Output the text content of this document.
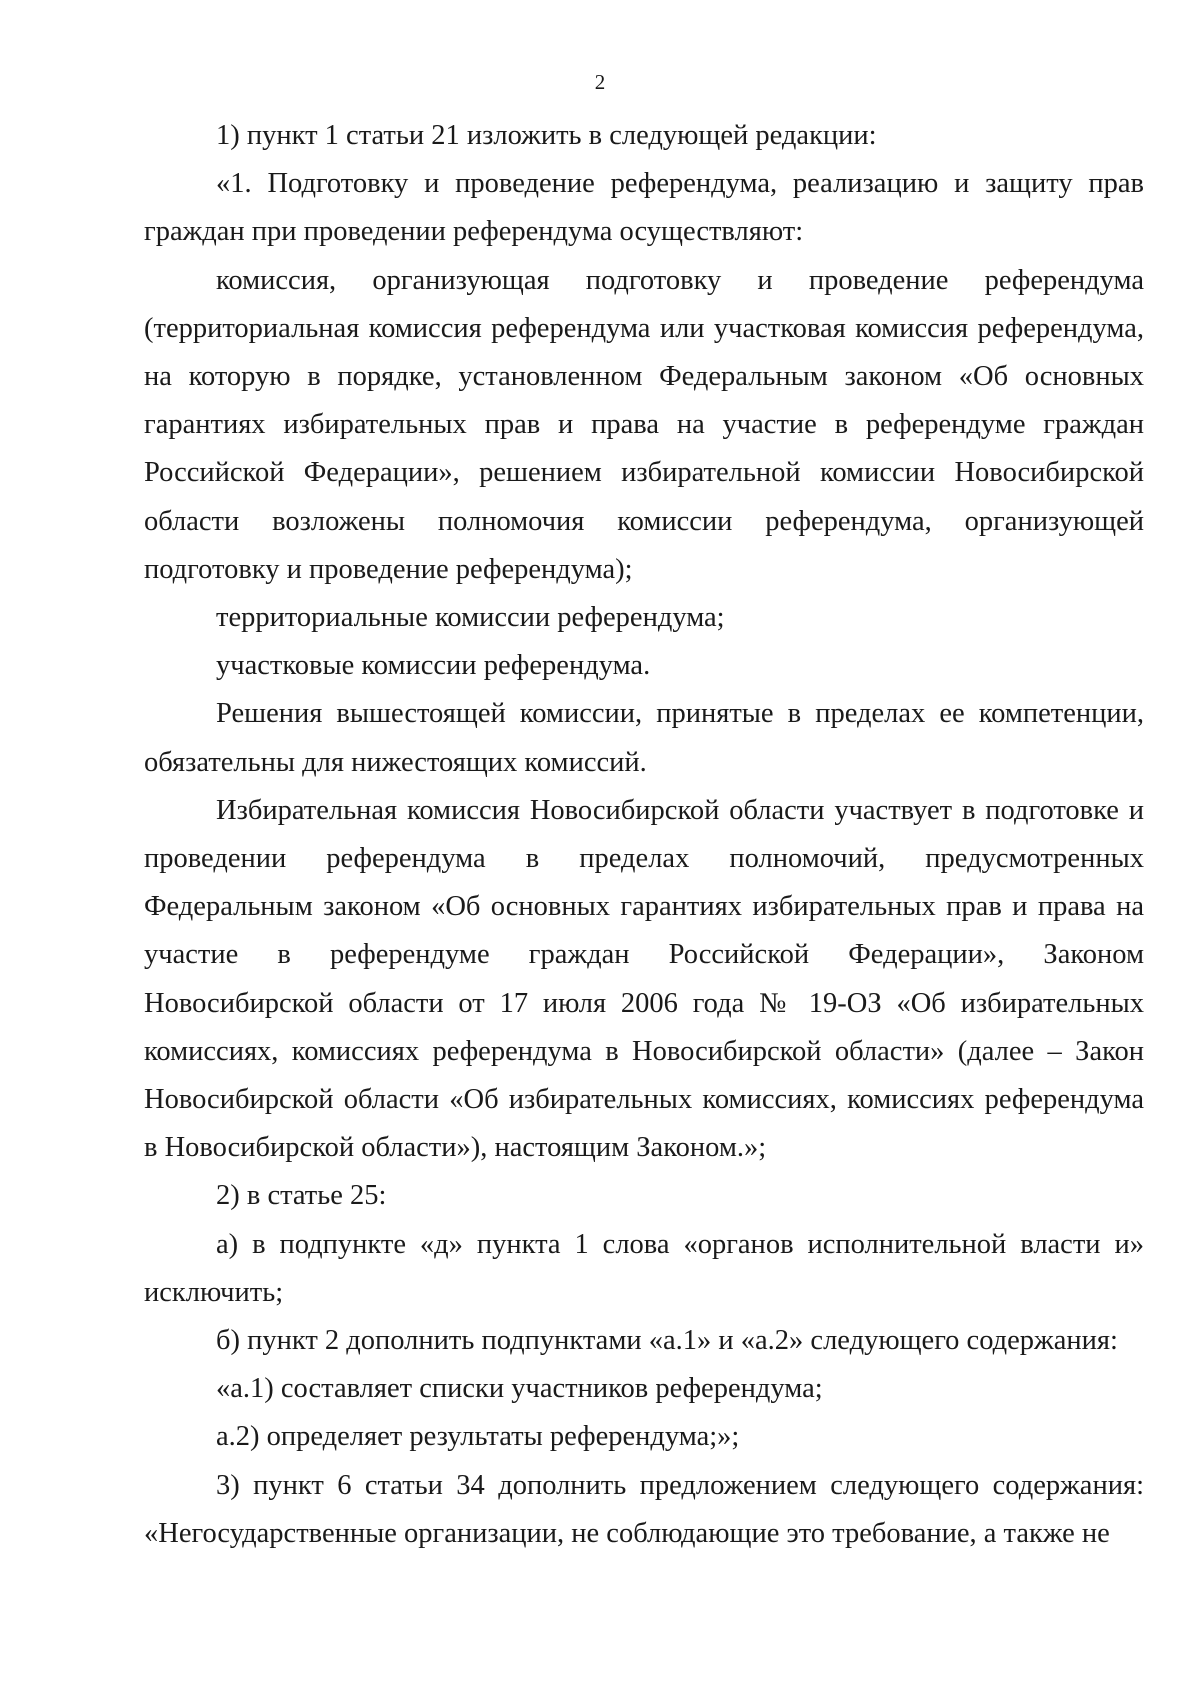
2

1) пункт 1 статьи 21 изложить в следующей редакции:

«1. Подготовку и проведение референдума, реализацию и защиту прав граждан при проведении референдума осуществляют:

комиссия, организующая подготовку и проведение референдума (территориальная комиссия референдума или участковая комиссия референдума, на которую в порядке, установленном Федеральным законом «Об основных гарантиях избирательных прав и права на участие в референдуме граждан Российской Федерации», решением избирательной комиссии Новосибирской области возложены полномочия комиссии референдума, организующей подготовку и проведение референдума);

территориальные комиссии референдума;

участковые комиссии референдума.

Решения вышестоящей комиссии, принятые в пределах ее компетенции, обязательны для нижестоящих комиссий.

Избирательная комиссия Новосибирской области участвует в подготовке и проведении референдума в пределах полномочий, предусмотренных Федеральным законом «Об основных гарантиях избирательных прав и права на участие в референдуме граждан Российской Федерации», Законом Новосибирской области от 17 июля 2006 года № 19-ОЗ «Об избирательных комиссиях, комиссиях референдума в Новосибирской области» (далее – Закон Новосибирской области «Об избирательных комиссиях, комиссиях референдума в Новосибирской области»), настоящим Законом.»;

2) в статье 25:

а) в подпункте «д» пункта 1 слова «органов исполнительной власти и» исключить;

б) пункт 2 дополнить подпунктами «а.1» и «а.2» следующего содержания:

«а.1) составляет списки участников референдума;

а.2) определяет результаты референдума;»;

3) пункт 6 статьи 34 дополнить предложением следующего содержания: «Негосударственные организации, не соблюдающие это требование, а также не
